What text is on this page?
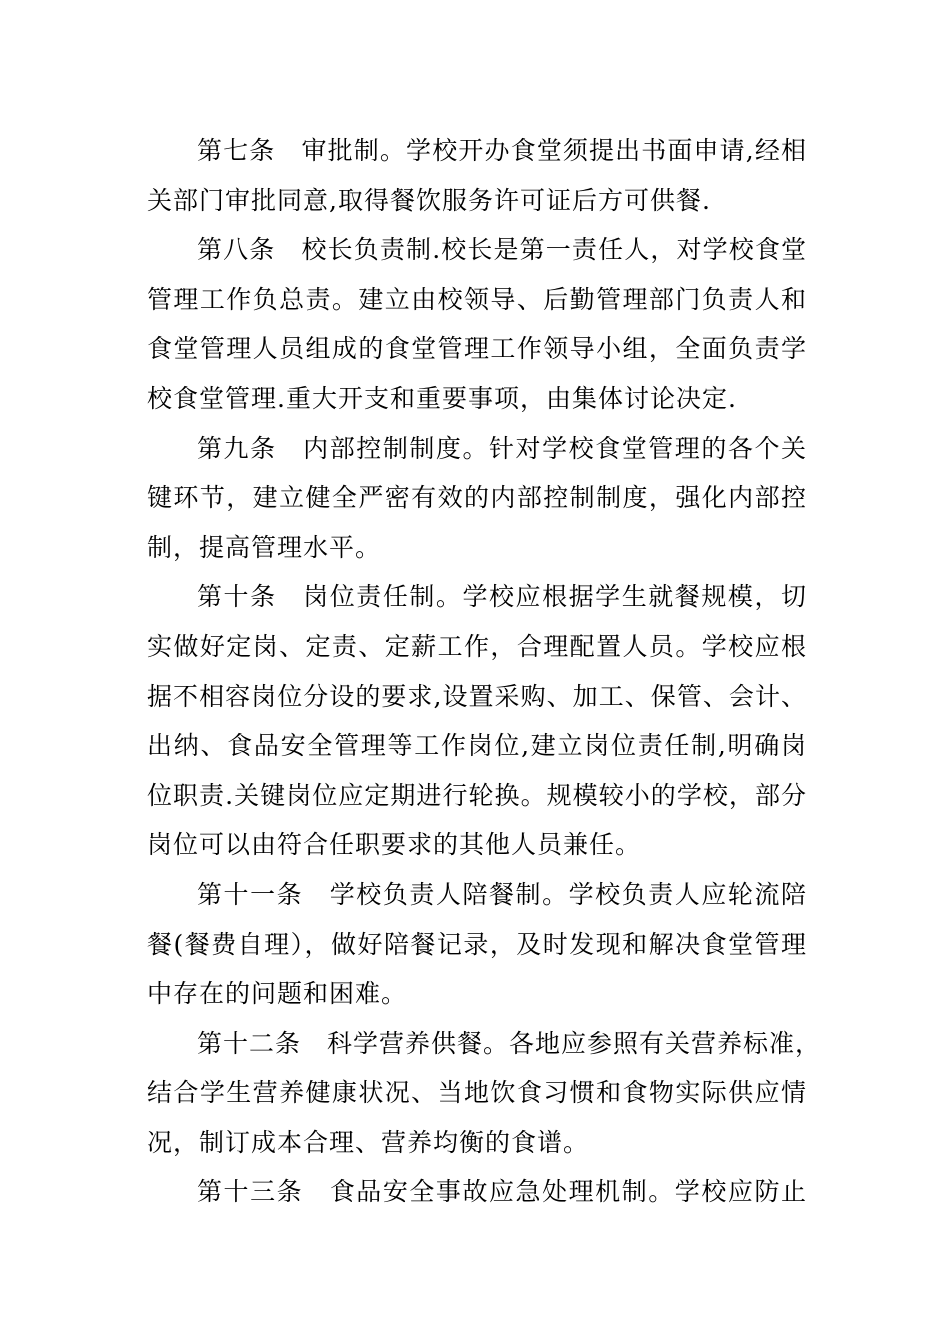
第七条　审批制。学校开办食堂须提出书面申请,经相
关部门审批同意,取得餐饮服务许可证后方可供餐.
第八条　校长负责制.校长是第一责任人，对学校食堂
管理工作负总责。建立由校领导、后勤管理部门负责人和
食堂管理人员组成的食堂管理工作领导小组，全面负责学
校食堂管理.重大开支和重要事项，由集体讨论决定.
第九条　内部控制制度。针对学校食堂管理的各个关
键环节，建立健全严密有效的内部控制制度，强化内部控
制，提高管理水平。
第十条　岗位责任制。学校应根据学生就餐规模，切
实做好定岗、定责、定薪工作，合理配置人员。学校应根
据不相容岗位分设的要求,设置采购、加工、保管、会计、
出纳、食品安全管理等工作岗位,建立岗位责任制,明确岗
位职责.关键岗位应定期进行轮换。规模较小的学校，部分
岗位可以由符合任职要求的其他人员兼任。
第十一条　学校负责人陪餐制。学校负责人应轮流陪
餐(餐费自理），做好陪餐记录，及时发现和解决食堂管理
中存在的问题和困难。
第十二条　科学营养供餐。各地应参照有关营养标准，
结合学生营养健康状况、当地饮食习惯和食物实际供应情
况，制订成本合理、营养均衡的食谱。
第十三条　食品安全事故应急处理机制。学校应防止
